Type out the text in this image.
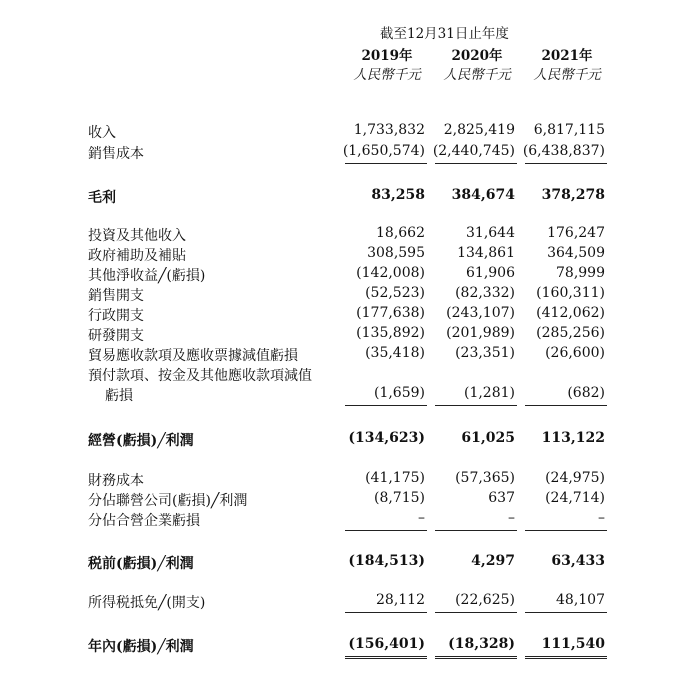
截至12月31日止年度
2019年	2020年	2021年
人民幣千元	人民幣千元	人民幣千元
收入	1,733,832	2,825,419	6,817,115
銷售成本	(1,650,574) (2,440,745) (6,438,837)
毛利	83,258	384,674	378,278
投資及其他收入	18,662	31,644	176,247
政府補助及補貼	308,595	134,861	364,509
其他淨收益╱(虧損)	(142,008)	61,906	78,999
銷售開支	(52,523)	(82,332)	(160,311)
行政開支	(177,638)	(243,107)	(412,062)
研發開支	(135,892)	(201,989)	(285,256)
貿易應收款項及應收票據減值虧損	(35,418)	(23,351)	(26,600)
預付款項、按金及其他應收款項減值
虧損	(1,659)	(1,281)	(682)
經營(虧損)╱利潤	(134,623)	61,025	113,122
財務成本	(41,175)	(57,365)	(24,975)
分佔聯營公司(虧損)╱利潤	(8,715)	637	(24,714)
分佔合營企業虧損	–	–	–
税前(虧損)╱利潤	(184,513)	4,297	63,433
所得税抵免╱(開支)	28,112	(22,625)	48,107
年內(虧損)╱利潤	(156,401)	(18,328)	111,540
